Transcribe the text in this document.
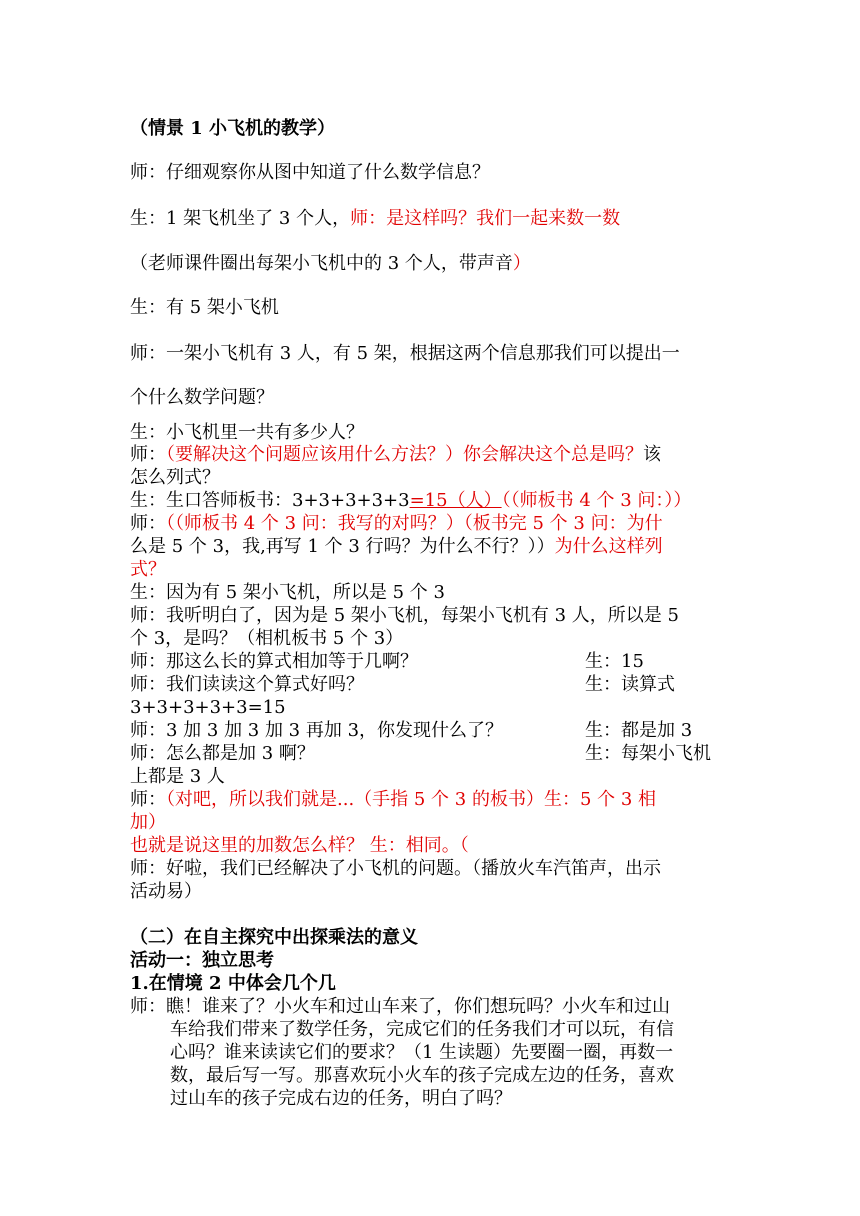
（情景 1 小飞机的教学）
师：仔细观察你从图中知道了什么数学信息？
生：1 架飞机坐了 3 个人，师：是这样吗？我们一起来数一数
（老师课件圈出每架小飞机中的 3 个人，带声音）
生：有 5 架小飞机
师：一架小飞机有 3 人，有 5 架，根据这两个信息那我们可以提出一
个什么数学问题？
生：小飞机里一共有多少人？
师：（要解决这个问题应该用什么方法？）你会解决这个总是吗？该
怎么列式？
生：生口答师板书：3+3+3+3+3=15（人）（（师板书 4 个 3 问：））
师：（（师板书 4 个 3 问：我写的对吗？）（板书完 5 个 3 问：为什
么是 5 个 3，我,再写 1 个 3 行吗？为什么不行？））为什么这样列
式？
生：因为有 5 架小飞机，所以是 5 个 3
师：我听明白了，因为是 5 架小飞机，每架小飞机有 3 人，所以是 5
个 3，是吗？（相机板书 5 个 3）
师：那这么长的算式相加等于几啊？	生：15
师：我们读读这个算式好吗？	生：读算式
3+3+3+3+3=15
师：3 加 3 加 3 加 3 再加 3，你发现什么了？	生：都是加 3
师：怎么都是加 3 啊？	生：每架小飞机
上都是 3 人
师：（对吧，所以我们就是...（手指 5 个 3 的板书）生：5 个 3 相
加）
也就是说这里的加数怎么样？ 生：相同。（
师：好啦，我们已经解决了小飞机的问题。（播放火车汽笛声，出示
活动易）
（二）在自主探究中出探乘法的意义
活动一：独立思考
1.在情境 2 中体会几个几
师：瞧！谁来了？小火车和过山车来了，你们想玩吗？小火车和过山
车给我们带来了数学任务，完成它们的任务我们才可以玩，有信
心吗？谁来读读它们的要求？（1 生读题）先要圈一圈，再数一
数，最后写一写。那喜欢玩小火车的孩子完成左边的任务，喜欢
过山车的孩子完成右边的任务，明白了吗？
